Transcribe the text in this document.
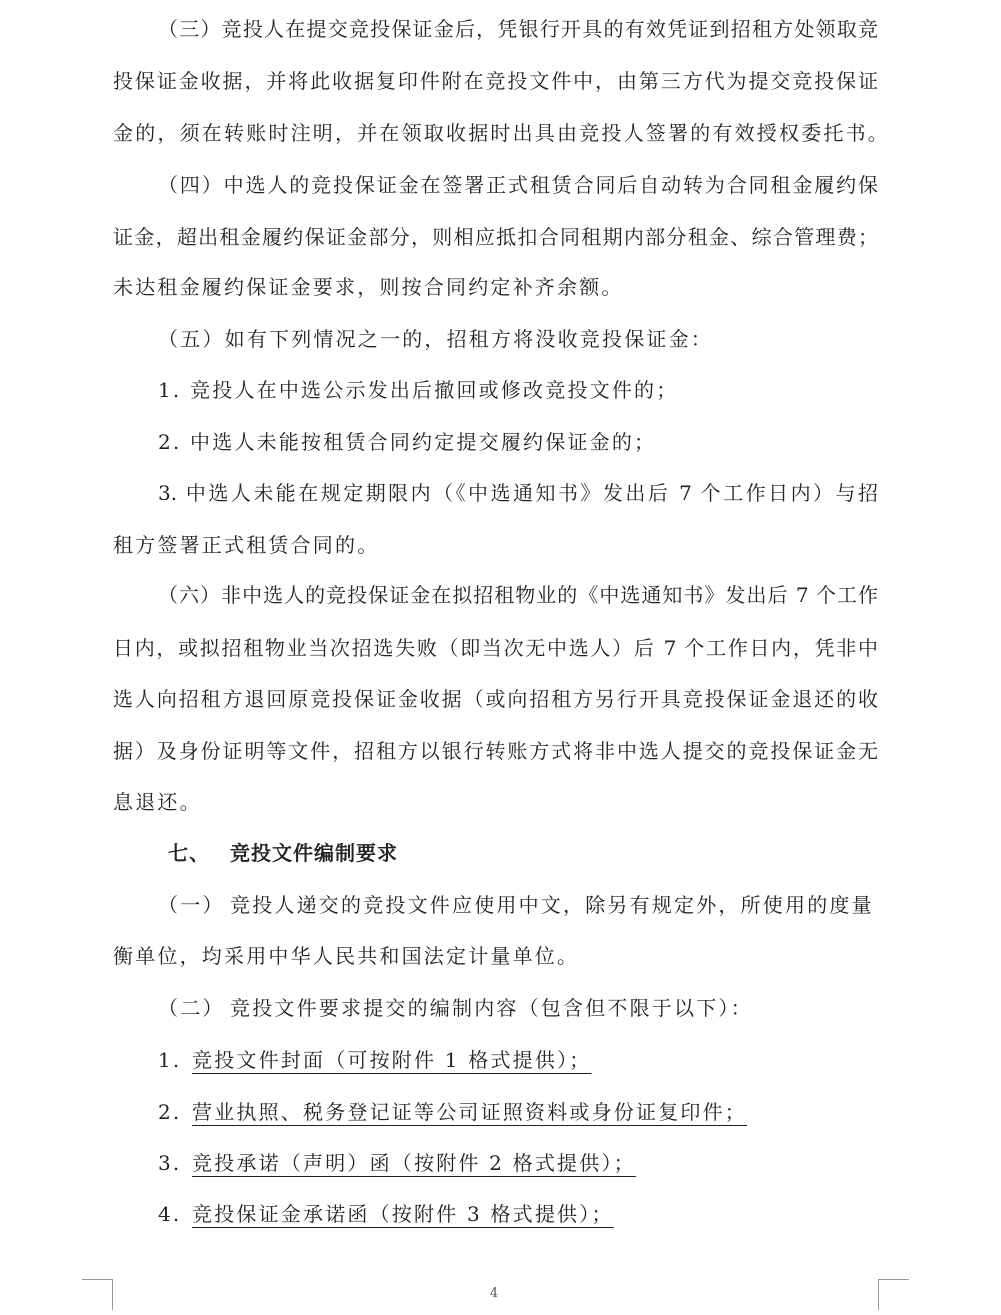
（三）竞投人在提交竞投保证金后，凭银行开具的有效凭证到招租方处领取竞
投保证金收据，并将此收据复印件附在竞投文件中，由第三方代为提交竞投保证
金的，须在转账时注明，并在领取收据时出具由竞投人签署的有效授权委托书。
（四）中选人的竞投保证金在签署正式租赁合同后自动转为合同租金履约保
证金，超出租金履约保证金部分，则相应抵扣合同租期内部分租金、综合管理费；
未达租金履约保证金要求，则按合同约定补齐余额。
（五）如有下列情况之一的，招租方将没收竞投保证金：
1. 竞投人在中选公示发出后撤回或修改竞投文件的；
2. 中选人未能按租赁合同约定提交履约保证金的；
3. 中选人未能在规定期限内（《中选通知书》发出后 7 个工作日内）与招
租方签署正式租赁合同的。
（六）非中选人的竞投保证金在拟招租物业的《中选通知书》发出后 7 个工作
日内，或拟招租物业当次招选失败（即当次无中选人）后 7 个工作日内，凭非中
选人向招租方退回原竞投保证金收据（或向招租方另行开具竞投保证金退还的收
据）及身份证明等文件，招租方以银行转账方式将非中选人提交的竞投保证金无
息退还。
七、 竞投文件编制要求
（一） 竞投人递交的竞投文件应使用中文，除另有规定外，所使用的度量
衡单位，均采用中华人民共和国法定计量单位。
（二） 竞投文件要求提交的编制内容（包含但不限于以下）：
1. 竞投文件封面（可按附件 1 格式提供）；
2. 营业执照、税务登记证等公司证照资料或身份证复印件；
3. 竞投承诺（声明）函（按附件 2 格式提供）；
4. 竞投保证金承诺函（按附件 3 格式提供）；
4
